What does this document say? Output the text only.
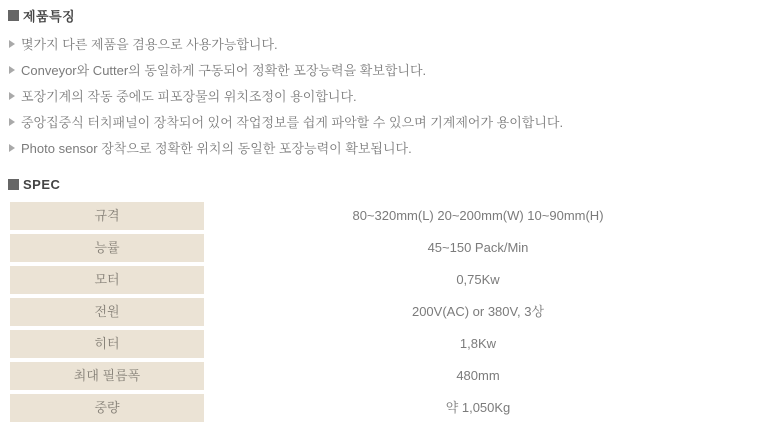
제품특징
몇가지 다른 제품을 겸용으로 사용가능합니다.
Conveyor와 Cutter의 동일하게 구동되어 정확한 포장능력을 확보합니다.
포장기계의 작동 중에도 피포장물의 위치조정이 용이합니다.
중앙집중식 터치패널이 장착되어 있어 작업정보를 쉽게 파악할 수 있으며 기계제어가 용이합니다.
Photo sensor 장착으로 정확한 위치의 동일한 포장능력이 확보됩니다.
SPEC
규격	80~320mm(L) 20~200mm(W) 10~90mm(H)
능률	45~150 Pack/Min
모터	0,75Kw
전원	200V(AC) or 380V, 3상
히터	1,8Kw
최대 필름폭	480mm
중량	약 1,050Kg
